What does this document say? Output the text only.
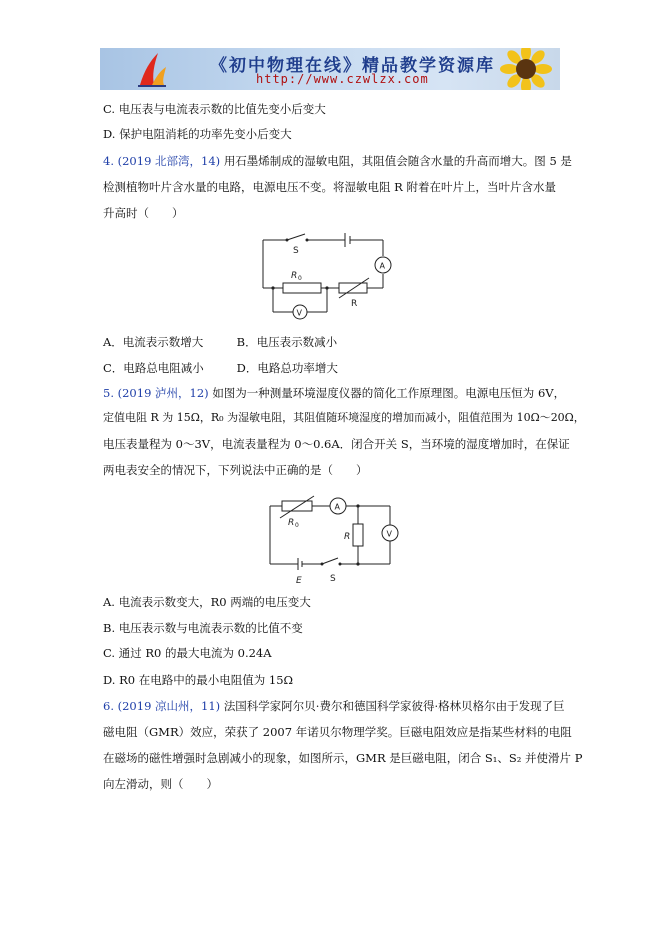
《初中物理在线》精品教学资源库
http://www.czwlzx.com
C. 电压表与电流表示数的比值先变小后变大
D. 保护电阻消耗的功率先变小后变大
4. (2019 北部湾，14) 用石墨烯制成的湿敏电阻，其阻值会随含水量的升高而增大。图 5 是
检测植物叶片含水量的电路，电源电压不变。将湿敏电阻 R 附着在叶片上，当叶片含水量
升高时（　　）
S
R 0
R
V
A
A．电流表示数增大	B．电压表示数减小
C．电路总电阻减小	D．电路总功率增大
5. (2019 泸州，12) 如图为一种测量环境湿度仪器的简化工作原理图。电源电压恒为 6V，
定值电阻 R 为 15Ω，R₀ 为湿敏电阻，其阻值随环境湿度的增加而减小，阻值范围为 10Ω～20Ω，
电压表量程为 0～3V，电流表量程为 0～0.6A．闭合开关 S，当环境的湿度增加时，在保证
两电表安全的情况下，下列说法中正确的是（　　）
R 0
A
R	V
E	S
A. 电流表示数变大，R0 两端的电压变大
B. 电压表示数与电流表示数的比值不变
C. 通过 R0 的最大电流为 0.24A
D. R0 在电路中的最小电阻值为 15Ω
6. (2019 凉山州，11) 法国科学家阿尔贝·费尔和德国科学家彼得·格林贝格尔由于发现了巨
磁电阻（GMR）效应，荣获了 2007 年诺贝尔物理学奖。巨磁电阻效应是指某些材料的电阻
在磁场的磁性增强时急剧减小的现象，如图所示，GMR 是巨磁电阻，闭合 S₁、S₂ 并使滑片 P
向左滑动，则（　　）
